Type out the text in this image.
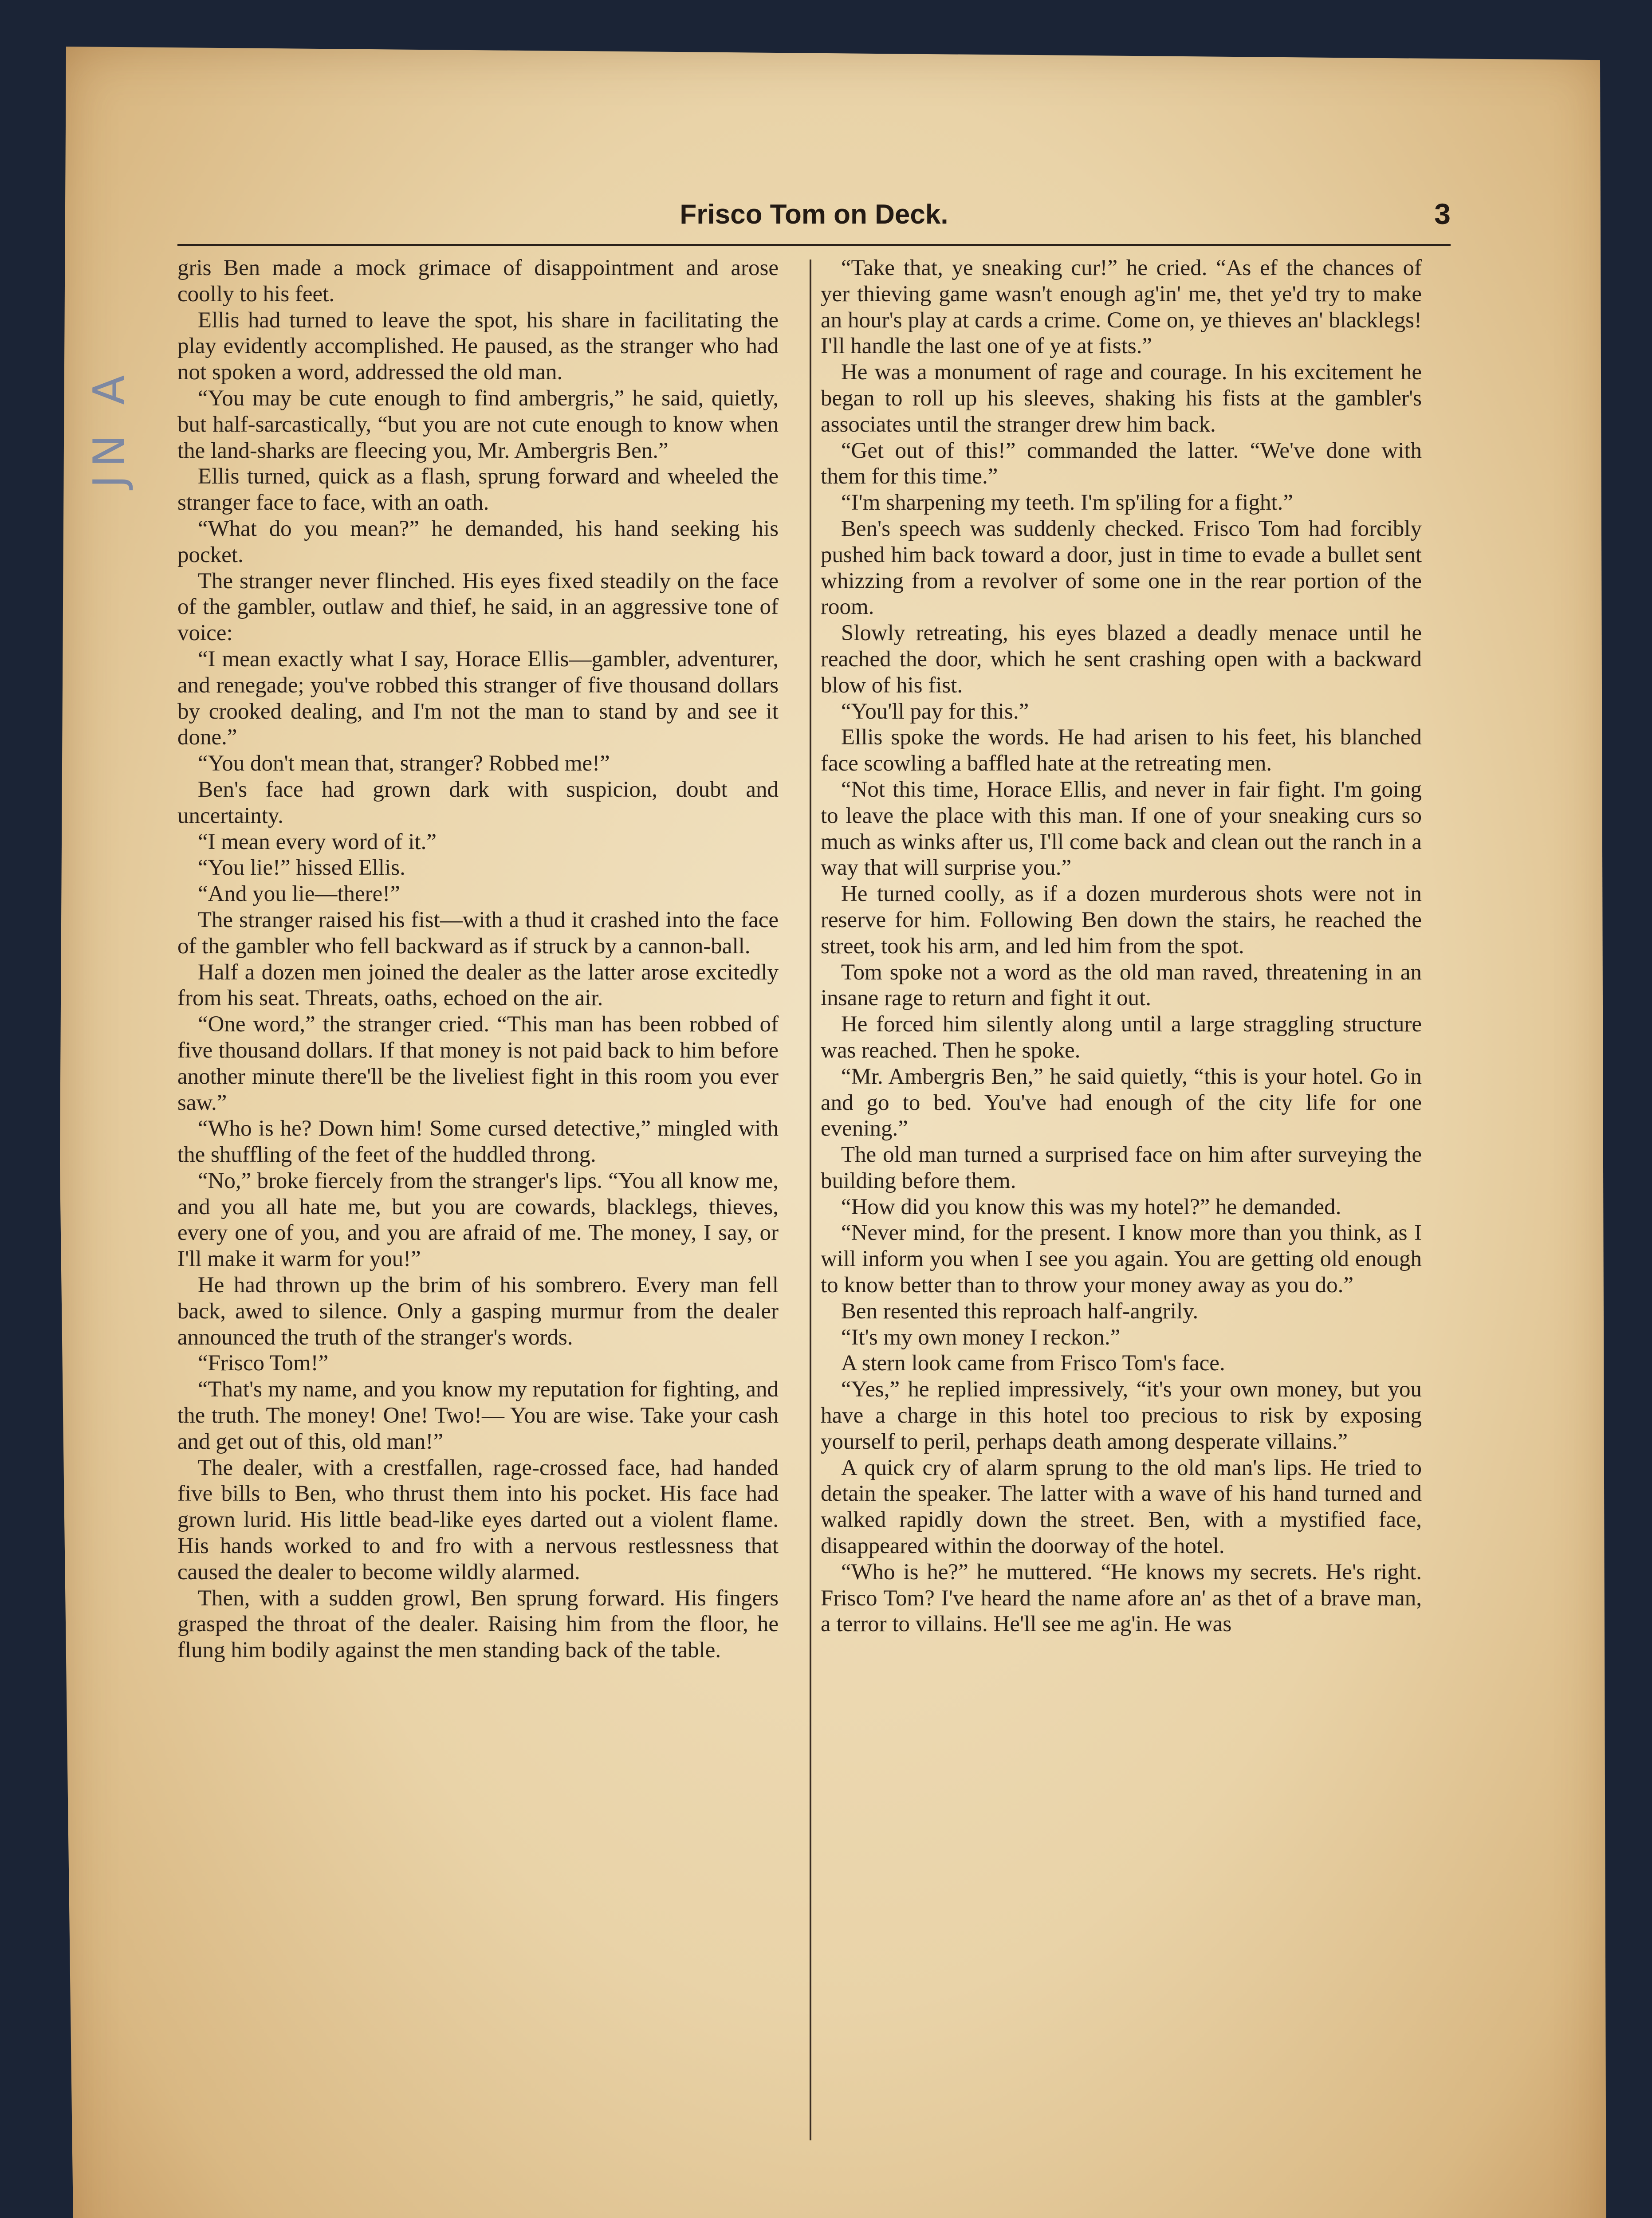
Frisco Tom on Deck.	3
JN A

gris Ben made a mock grimace of disappointment and arose coolly to his feet.

Ellis had turned to leave the spot, his share in facilitating the play evidently accomplished. He paused, as the stranger who had not spoken a word, addressed the old man.

“You may be cute enough to find ambergris,” he said, quietly, but half-sarcastically, “but you are not cute enough to know when the land-sharks are fleecing you, Mr. Ambergris Ben.”

Ellis turned, quick as a flash, sprung forward and wheeled the stranger face to face, with an oath.

“What do you mean?” he demanded, his hand seeking his pocket.

The stranger never flinched. His eyes fixed steadily on the face of the gambler, outlaw and thief, he said, in an aggressive tone of voice:

“I mean exactly what I say, Horace Ellis—gambler, adventurer, and renegade; you've robbed this stranger of five thousand dollars by crooked dealing, and I'm not the man to stand by and see it done.”

“You don't mean that, stranger? Robbed me!”

Ben's face had grown dark with suspicion, doubt and uncertainty.

“I mean every word of it.”

“You lie!” hissed Ellis.

“And you lie—there!”

The stranger raised his fist—with a thud it crashed into the face of the gambler who fell backward as if struck by a cannon-ball.

Half a dozen men joined the dealer as the latter arose excitedly from his seat. Threats, oaths, echoed on the air.

“One word,” the stranger cried. “This man has been robbed of five thousand dollars. If that money is not paid back to him before another minute there'll be the liveliest fight in this room you ever saw.”

“Who is he? Down him! Some cursed detective,” mingled with the shuffling of the feet of the huddled throng.

“No,” broke fiercely from the stranger's lips. “You all know me, and you all hate me, but you are cowards, blacklegs, thieves, every one of you, and you are afraid of me. The money, I say, or I'll make it warm for you!”

He had thrown up the brim of his sombrero. Every man fell back, awed to silence. Only a gasping murmur from the dealer announced the truth of the stranger's words.

“Frisco Tom!”

“That's my name, and you know my reputation for fighting, and the truth. The money! One! Two!— You are wise. Take your cash and get out of this, old man!”

The dealer, with a crestfallen, rage-crossed face, had handed five bills to Ben, who thrust them into his pocket. His face had grown lurid. His little bead-like eyes darted out a violent flame. His hands worked to and fro with a nervous restlessness that caused the dealer to become wildly alarmed.

Then, with a sudden growl, Ben sprung forward. His fingers grasped the throat of the dealer. Raising him from the floor, he flung him bodily against the men standing back of the table.

“Take that, ye sneaking cur!” he cried. “As ef the chances of yer thieving game wasn't enough ag'in' me, thet ye'd try to make an hour's play at cards a crime. Come on, ye thieves an' blacklegs! I'll handle the last one of ye at fists.”

He was a monument of rage and courage. In his excitement he began to roll up his sleeves, shaking his fists at the gambler's associates until the stranger drew him back.

“Get out of this!” commanded the latter. “We've done with them for this time.”

“I'm sharpening my teeth. I'm sp'iling for a fight.”

Ben's speech was suddenly checked. Frisco Tom had forcibly pushed him back toward a door, just in time to evade a bullet sent whizzing from a revolver of some one in the rear portion of the room.

Slowly retreating, his eyes blazed a deadly menace until he reached the door, which he sent crashing open with a backward blow of his fist.

“You'll pay for this.”

Ellis spoke the words. He had arisen to his feet, his blanched face scowling a baffled hate at the retreating men.

“Not this time, Horace Ellis, and never in fair fight. I'm going to leave the place with this man. If one of your sneaking curs so much as winks after us, I'll come back and clean out the ranch in a way that will surprise you.”

He turned coolly, as if a dozen murderous shots were not in reserve for him. Following Ben down the stairs, he reached the street, took his arm, and led him from the spot.

Tom spoke not a word as the old man raved, threatening in an insane rage to return and fight it out.

He forced him silently along until a large straggling structure was reached. Then he spoke.

“Mr. Ambergris Ben,” he said quietly, “this is your hotel. Go in and go to bed. You've had enough of the city life for one evening.”

The old man turned a surprised face on him after surveying the building before them.

“How did you know this was my hotel?” he demanded.

“Never mind, for the present. I know more than you think, as I will inform you when I see you again. You are getting old enough to know better than to throw your money away as you do.”

Ben resented this reproach half-angrily.

“It's my own money I reckon.”

A stern look came from Frisco Tom's face.

“Yes,” he replied impressively, “it's your own money, but you have a charge in this hotel too precious to risk by exposing yourself to peril, perhaps death among desperate villains.”

A quick cry of alarm sprung to the old man's lips. He tried to detain the speaker. The latter with a wave of his hand turned and walked rapidly down the street. Ben, with a mystified face, disappeared within the doorway of the hotel.

“Who is he?” he muttered. “He knows my secrets. He's right. Frisco Tom? I've heard the name afore an' as thet of a brave man, a terror to villains. He'll see me ag'in. He was
